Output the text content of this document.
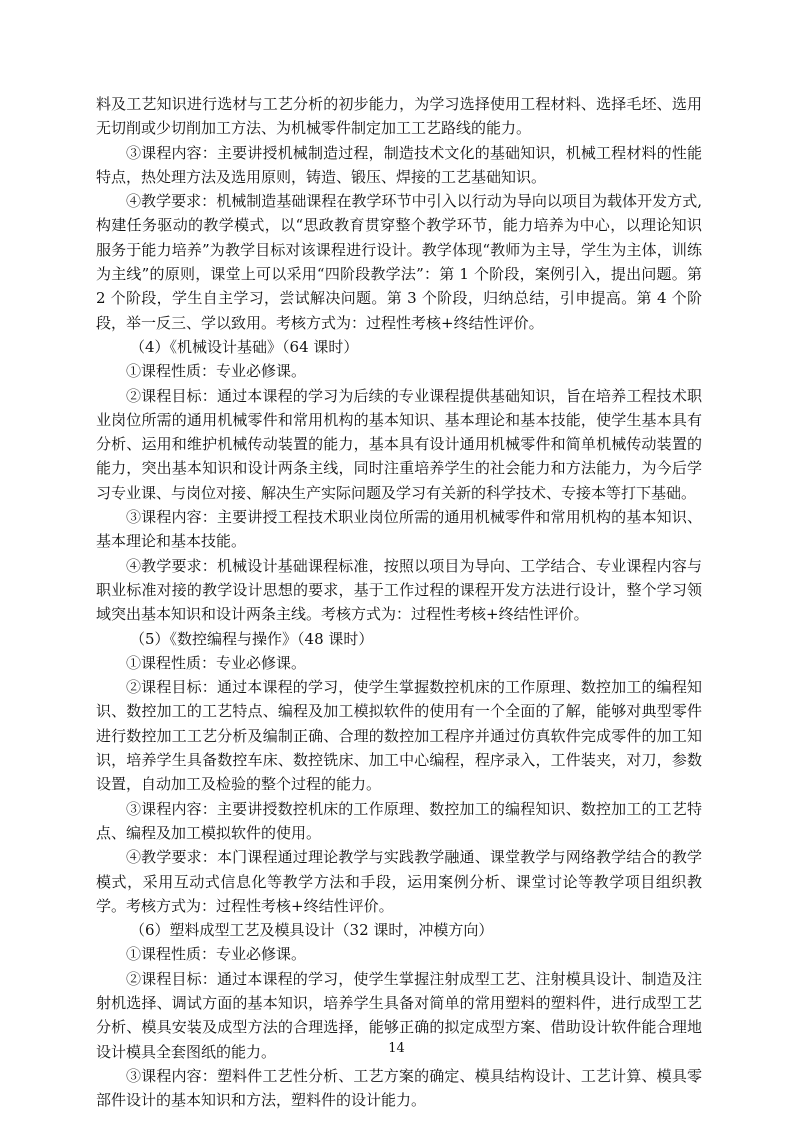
料及工艺知识进行选材与工艺分析的初步能力，为学习选择使用工程材料、选择毛坯、选用无切削或少切削加工方法、为机械零件制定加工工艺路线的能力。

③课程内容：主要讲授机械制造过程，制造技术文化的基础知识，机械工程材料的性能特点，热处理方法及选用原则，铸造、锻压、焊接的工艺基础知识。

④教学要求：机械制造基础课程在教学环节中引入以行动为导向以项目为载体开发方式,构建任务驱动的教学模式，以“思政教育贯穿整个教学环节，能力培养为中心，以理论知识服务于能力培养”为教学目标对该课程进行设计。教学体现“教师为主导，学生为主体，训练为主线”的原则，课堂上可以采用“四阶段教学法”：第 1 个阶段，案例引入，提出问题。第 2 个阶段，学生自主学习，尝试解决问题。第 3 个阶段，归纳总结，引申提高。第 4 个阶段，举一反三、学以致用。考核方式为：过程性考核+终结性评价。

（4）《机械设计基础》（64 课时）

①课程性质：专业必修课。

②课程目标：通过本课程的学习为后续的专业课程提供基础知识，旨在培养工程技术职业岗位所需的通用机械零件和常用机构的基本知识、基本理论和基本技能，使学生基本具有分析、运用和维护机械传动装置的能力，基本具有设计通用机械零件和简单机械传动装置的能力，突出基本知识和设计两条主线，同时注重培养学生的社会能力和方法能力，为今后学习专业课、与岗位对接、解决生产实际问题及学习有关新的科学技术、专接本等打下基础。

③课程内容：主要讲授工程技术职业岗位所需的通用机械零件和常用机构的基本知识、基本理论和基本技能。

④教学要求：机械设计基础课程标准，按照以项目为导向、工学结合、专业课程内容与职业标准对接的教学设计思想的要求，基于工作过程的课程开发方法进行设计，整个学习领域突出基本知识和设计两条主线。考核方式为：过程性考核+终结性评价。

（5）《数控编程与操作》（48 课时）

①课程性质：专业必修课。

②课程目标：通过本课程的学习，使学生掌握数控机床的工作原理、数控加工的编程知识、数控加工的工艺特点、编程及加工模拟软件的使用有一个全面的了解，能够对典型零件进行数控加工工艺分析及编制正确、合理的数控加工程序并通过仿真软件完成零件的加工知识，培养学生具备数控车床、数控铣床、加工中心编程，程序录入，工件装夹，对刀，参数设置，自动加工及检验的整个过程的能力。

③课程内容：主要讲授数控机床的工作原理、数控加工的编程知识、数控加工的工艺特点、编程及加工模拟软件的使用。

④教学要求：本门课程通过理论教学与实践教学融通、课堂教学与网络教学结合的教学模式，采用互动式信息化等教学方法和手段，运用案例分析、课堂讨论等教学项目组织教学。考核方式为：过程性考核+终结性评价。

（6）塑料成型工艺及模具设计（32 课时，冲模方向）

①课程性质：专业必修课。

②课程目标：通过本课程的学习，使学生掌握注射成型工艺、注射模具设计、制造及注射机选择、调试方面的基本知识，培养学生具备对简单的常用塑料的塑料件，进行成型工艺分析、模具安装及成型方法的合理选择，能够正确的拟定成型方案、借助设计软件能合理地设计模具全套图纸的能力。

③课程内容：塑料件工艺性分析、工艺方案的确定、模具结构设计、工艺计算、模具零部件设计的基本知识和方法，塑料件的设计能力。

14
